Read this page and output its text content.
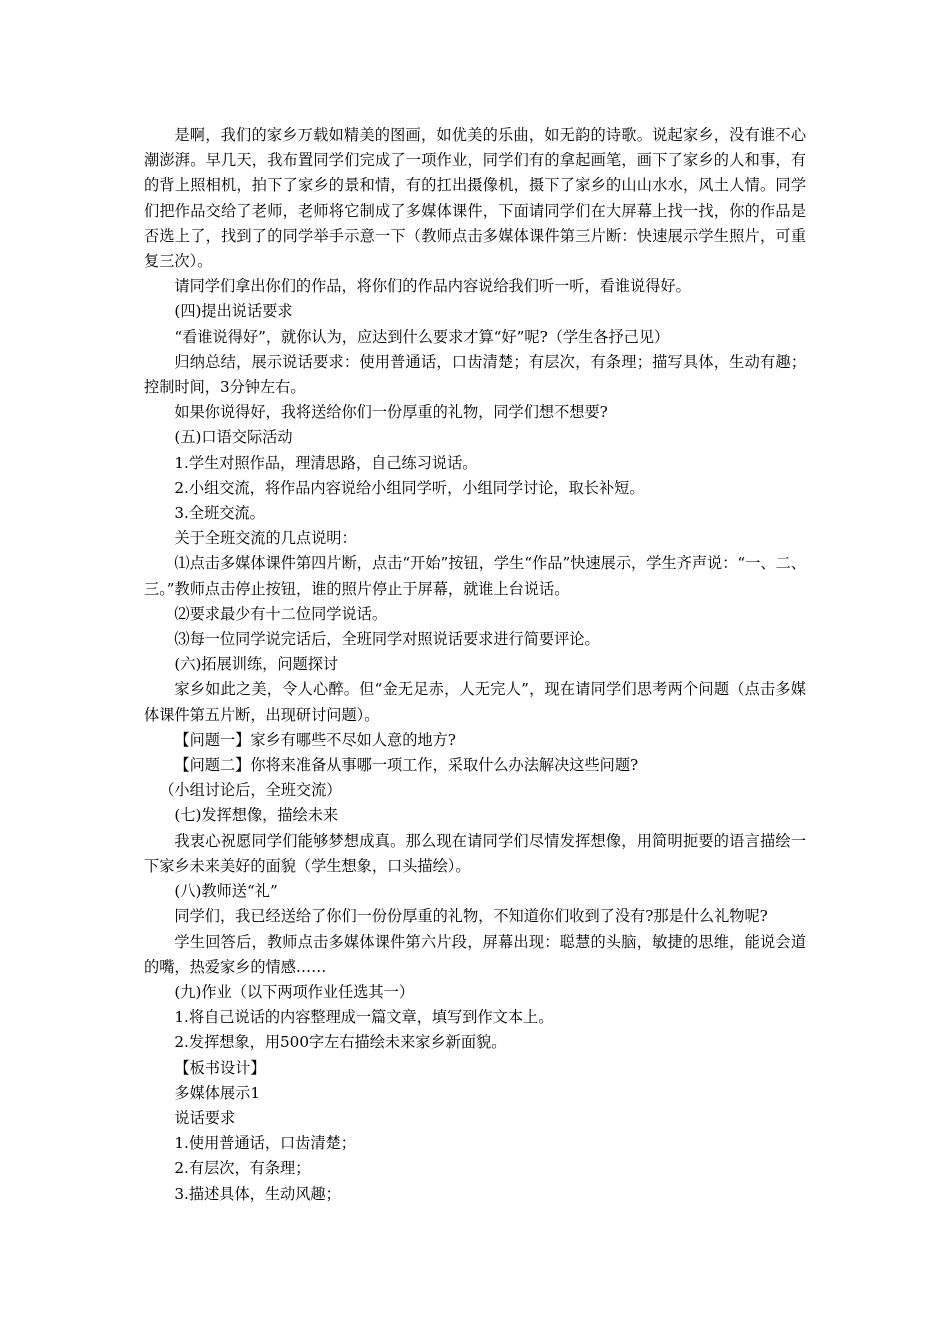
是啊，我们的家乡万载如精美的图画，如优美的乐曲，如无韵的诗歌。说起家乡，没有谁不心潮澎湃。早几天，我布置同学们完成了一项作业，同学们有的拿起画笔，画下了家乡的人和事，有的背上照相机，拍下了家乡的景和情，有的扛出摄像机，摄下了家乡的山山水水，风土人情。同学们把作品交给了老师，老师将它制成了多媒体课件，下面请同学们在大屏幕上找一找，你的作品是否选上了，找到了的同学举手示意一下（教师点击多媒体课件第三片断：快速展示学生照片，可重复三次）。

请同学们拿出你们的作品，将你们的作品内容说给我们听一听，看谁说得好。

(四)提出说话要求

“看谁说得好”，就你认为，应达到什么要求才算“好”呢?（学生各抒己见）

归纳总结，展示说话要求：使用普通话，口齿清楚；有层次，有条理；描写具体，生动有趣；控制时间，3分钟左右。

如果你说得好，我将送给你们一份厚重的礼物，同学们想不想要?

(五)口语交际活动

1.学生对照作品，理清思路，自己练习说话。

2.小组交流，将作品内容说给小组同学听，小组同学讨论，取长补短。

3.全班交流。

关于全班交流的几点说明：

⑴点击多媒体课件第四片断，点击“开始”按钮，学生“作品”快速展示，学生齐声说：“一、二、三。”教师点击停止按钮，谁的照片停止于屏幕，就谁上台说话。

⑵要求最少有十二位同学说话。

⑶每一位同学说完话后，全班同学对照说话要求进行简要评论。

(六)拓展训练，问题探讨

家乡如此之美，令人心醉。但“金无足赤，人无完人”，现在请同学们思考两个问题（点击多媒体课件第五片断，出现研讨问题）。

【问题一】家乡有哪些不尽如人意的地方?

【问题二】你将来准备从事哪一项工作，采取什么办法解决这些问题?

（小组讨论后，全班交流）

(七)发挥想像，描绘未来

我衷心祝愿同学们能够梦想成真。那么现在请同学们尽情发挥想像，用简明扼要的语言描绘一下家乡未来美好的面貌（学生想象，口头描绘）。

(八)教师送“礼”

同学们，我已经送给了你们一份份厚重的礼物，不知道你们收到了没有?那是什么礼物呢?

学生回答后，教师点击多媒体课件第六片段，屏幕出现：聪慧的头脑，敏捷的思维，能说会道的嘴，热爱家乡的情感……

(九)作业（以下两项作业任选其一）

1.将自己说话的内容整理成一篇文章，填写到作文本上。

2.发挥想象，用500字左右描绘未来家乡新面貌。

【板书设计】

多媒体展示1

说话要求

1.使用普通话，口齿清楚；

2.有层次，有条理；

3.描述具体，生动风趣；
